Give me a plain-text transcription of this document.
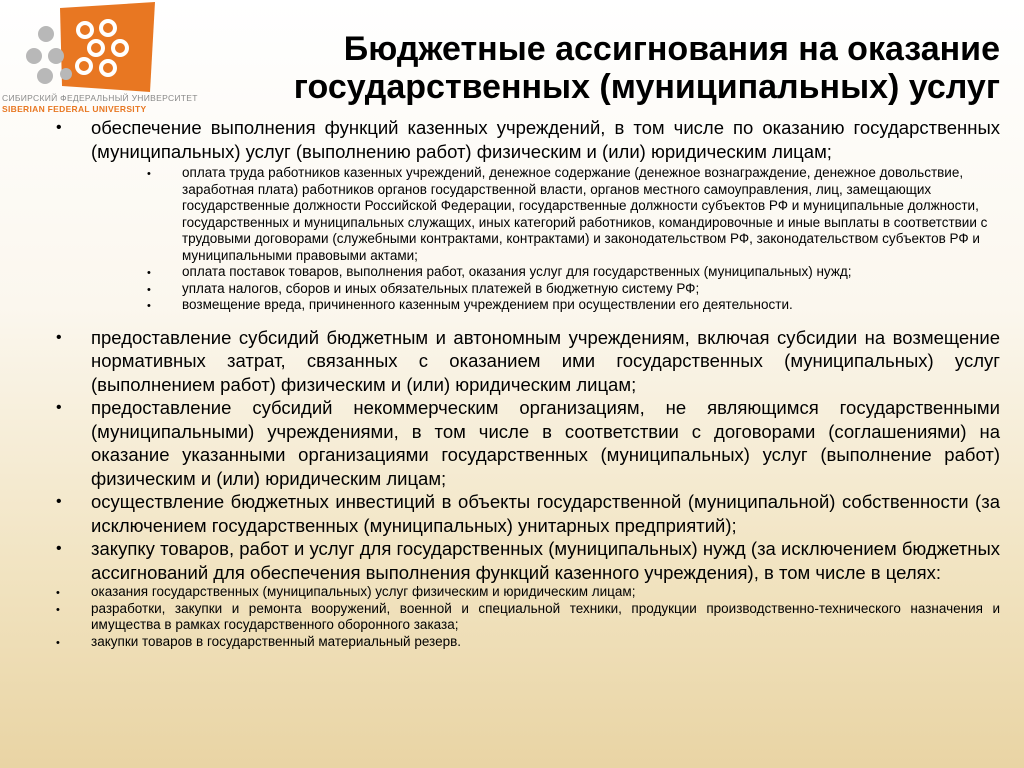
СИБИРСКИЙ ФЕДЕРАЛЬНЫЙ УНИВЕРСИТЕТ
SIBERIAN FEDERAL UNIVERSITY
Бюджетные ассигнования на оказание
государственных (муниципальных) услуг
• обеспечение выполнения функций казенных учреждений, в том числе по оказанию государственных (муниципальных) услуг (выполнению работ) физическим и (или) юридическим лицам;
• оплата труда работников казенных учреждений, денежное содержание (денежное вознаграждение, денежное довольствие, заработная плата) работников органов государственной власти, органов местного самоуправления, лиц, замещающих государственные должности Российской Федерации, государственные должности субъектов РФ и муниципальные должности, государственных и муниципальных служащих, иных категорий работников, командировочные и иные выплаты в соответствии с трудовыми договорами (служебными контрактами, контрактами) и законодательством РФ, законодательством субъектов РФ и муниципальными правовыми актами;
• оплата поставок товаров, выполнения работ, оказания услуг для государственных (муниципальных) нужд;
• уплата налогов, сборов и иных обязательных платежей в бюджетную систему РФ;
• возмещение вреда, причиненного казенным учреждением при осуществлении его деятельности.
• предоставление субсидий бюджетным и автономным учреждениям, включая субсидии на возмещение нормативных затрат, связанных с оказанием ими государственных (муниципальных) услуг (выполнением работ) физическим и (или) юридическим лицам;
• предоставление субсидий некоммерческим организациям, не являющимся государственными (муниципальными) учреждениями, в том числе в соответствии с договорами (соглашениями) на оказание указанными организациями государственных (муниципальных) услуг (выполнение работ) физическим и (или) юридическим лицам;
• осуществление бюджетных инвестиций в объекты государственной (муниципальной) собственности (за исключением государственных (муниципальных) унитарных предприятий);
• закупку товаров, работ и услуг для государственных (муниципальных) нужд (за исключением бюджетных ассигнований для обеспечения выполнения функций казенного учреждения), в том числе в целях:
• оказания государственных (муниципальных) услуг физическим и юридическим лицам;
• разработки, закупки и ремонта вооружений, военной и специальной техники, продукции производственно-технического назначения и имущества в рамках государственного оборонного заказа;
• закупки товаров в государственный материальный резерв.
